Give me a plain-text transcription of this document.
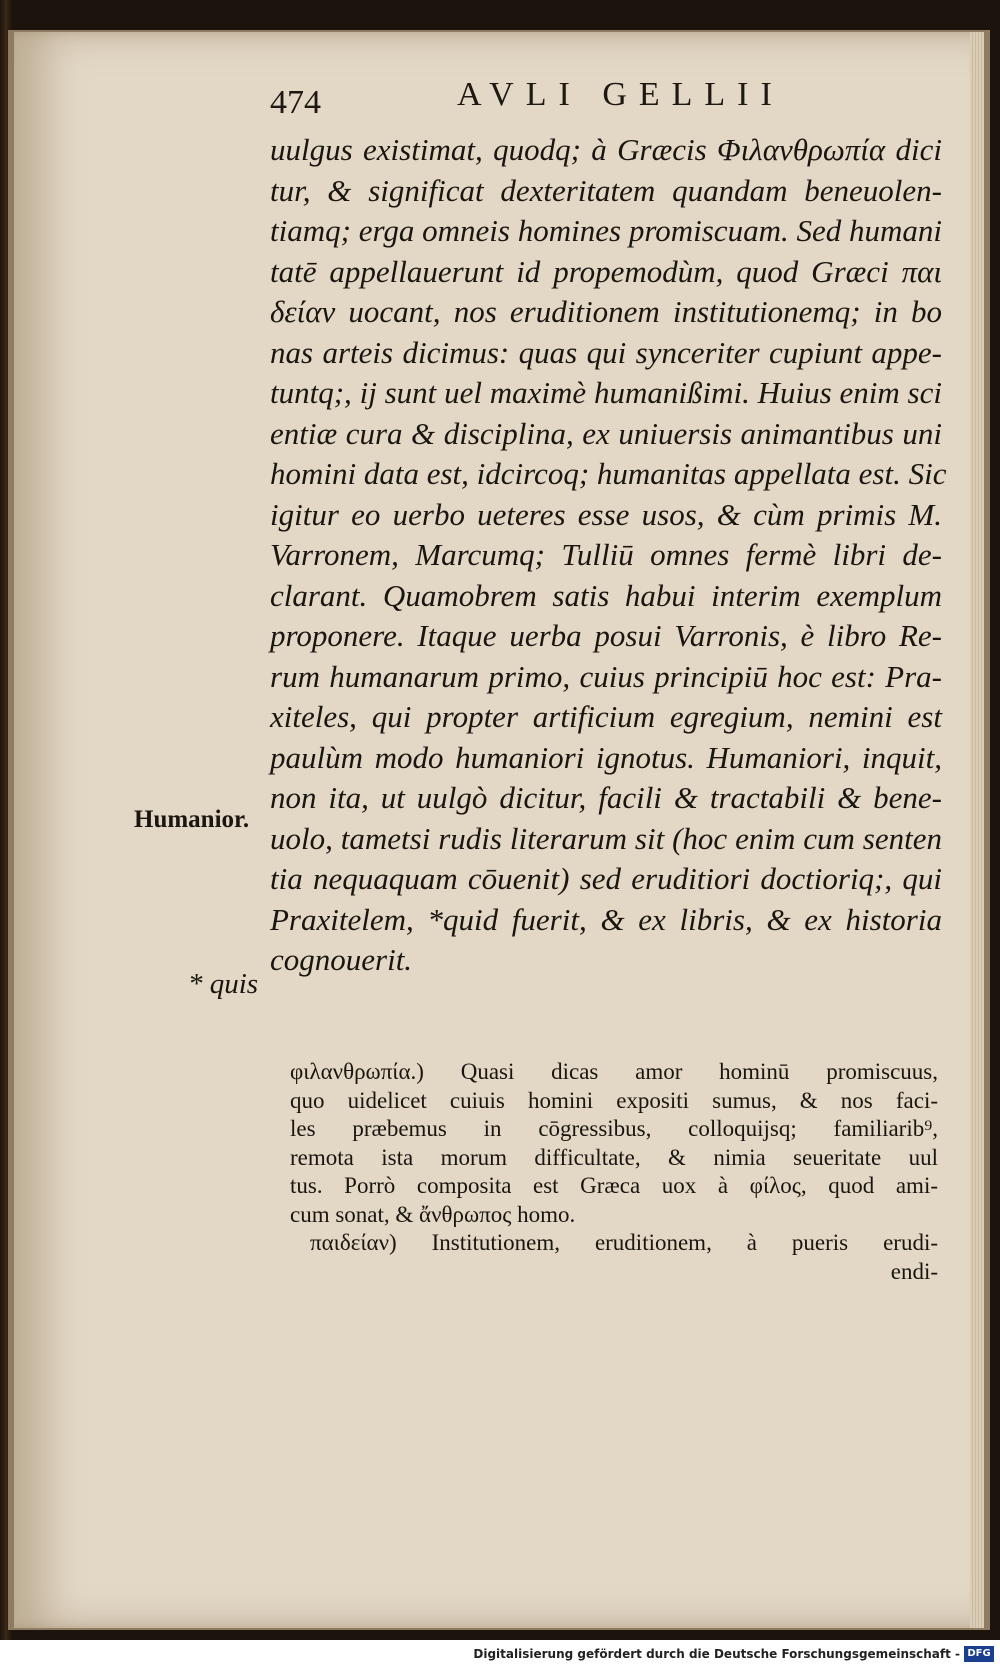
474	AVLI GELLII
uulgus existimat, quodq; à Græcis Φιλανθρωπία dici
tur, & significat dexteritatem quandam beneuolen-
tiamq; erga omneis homines promiscuam. Sed humani
tatē appellauerunt id propemodùm, quod Græci παι
δείαν uocant, nos eruditionem institutionemq; in bo
nas arteis dicimus: quas qui synceriter cupiunt appe-
tuntq;, ij sunt uel maximè humanißimi. Huius enim sci
entiæ cura & disciplina, ex uniuersis animantibus uni
homini data est, idcircoq; humanitas appellata est. Sic
igitur eo uerbo ueteres esse usos, & cùm primis M.
Varronem, Marcumq; Tulliū omnes fermè libri de-
clarant. Quamobrem satis habui interim exemplum
proponere. Itaque uerba posui Varronis, è libro Re-
rum humanarum primo, cuius principiū hoc est: Pra-
xiteles, qui propter artificium egregium, nemini est
paulùm modo humaniori ignotus. Humaniori, inquit,
non ita, ut uulgò dicitur, facili & tractabili & bene-
uolo, tametsi rudis literarum sit (hoc enim cum senten
tia nequaquam cōuenit) sed eruditiori doctioriq;, qui
Praxitelem, *quid fuerit, & ex libris, & ex historia
cognouerit.
Humanior.
* quis
φιλανθρωπία.) Quasi dicas amor hominū promiscuus,
quo uidelicet cuiuis homini expositi sumus, & nos faci-
les præbemus in cōgressibus, colloquijsq; familiarib⁹,
remota ista morum difficultate, & nimia seueritate uul
tus. Porrò composita est Græca uox à φίλος, quod ami-
cum sonat, & ἄνθρωπος homo.
παιδείαν) Institutionem, eruditionem, à pueris erudi-
endi-
Digitalisierung gefördert durch die Deutsche Forschungsgemeinschaft - DFG
